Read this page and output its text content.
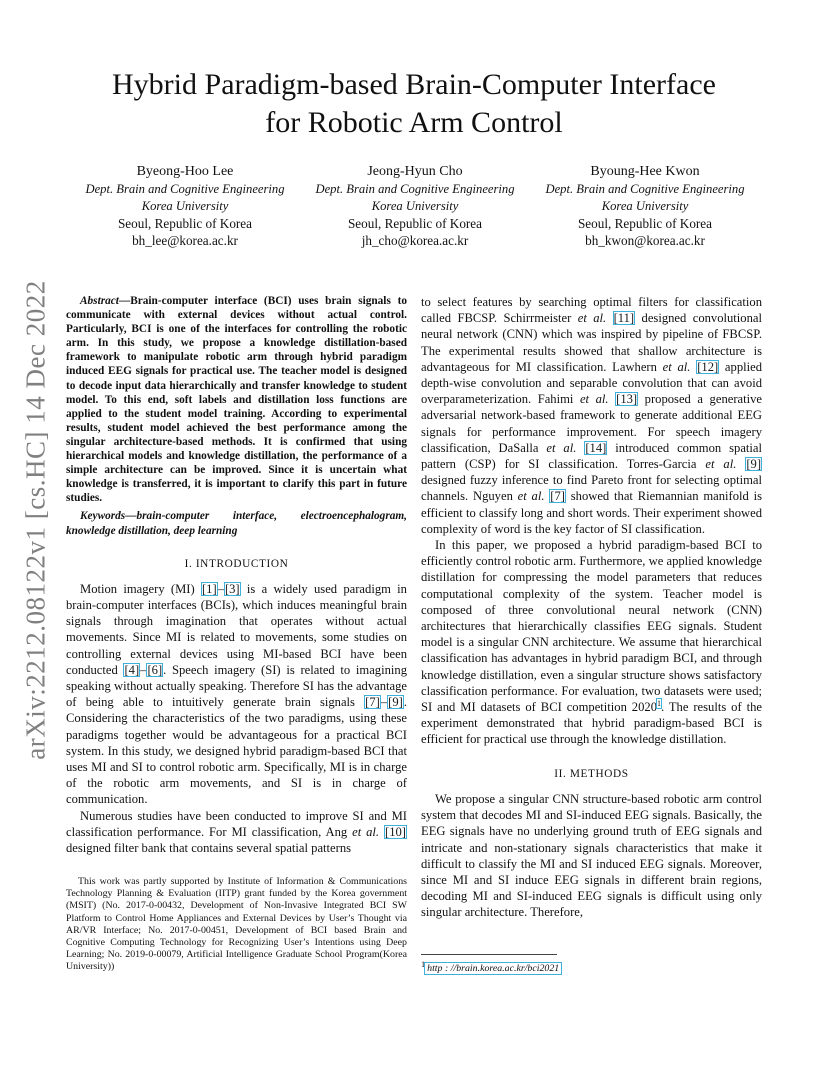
arXiv:2212.08122v1 [cs.HC] 14 Dec 2022
Hybrid Paradigm-based Brain-Computer Interface
for Robotic Arm Control
Byeong-Hoo Lee
Dept. Brain and Cognitive Engineering
Korea University
Seoul, Republic of Korea
bh_lee@korea.ac.kr
Jeong-Hyun Cho
Dept. Brain and Cognitive Engineering
Korea University
Seoul, Republic of Korea
jh_cho@korea.ac.kr
Byoung-Hee Kwon
Dept. Brain and Cognitive Engineering
Korea University
Seoul, Republic of Korea
bh_kwon@korea.ac.kr

Abstract—Brain-computer interface (BCI) uses brain signals to communicate with external devices without actual control. Particularly, BCI is one of the interfaces for controlling the robotic arm. In this study, we propose a knowledge distillation-based framework to manipulate robotic arm through hybrid paradigm induced EEG signals for practical use. The teacher model is designed to decode input data hierarchically and transfer knowledge to student model. To this end, soft labels and distillation loss functions are applied to the student model training. According to experimental results, student model achieved the best performance among the singular architecture-based methods. It is confirmed that using hierarchical models and knowledge distillation, the performance of a simple architecture can be improved. Since it is uncertain what knowledge is transferred, it is important to clarify this part in future studies.

Keywords—brain-computer interface, electroencephalogram, knowledge distillation, deep learning

I. INTRODUCTION

Motion imagery (MI) [1]–[3] is a widely used paradigm in brain-computer interfaces (BCIs), which induces meaningful brain signals through imagination that operates without actual movements. Since MI is related to movements, some studies on controlling external devices using MI-based BCI have been conducted [4]–[6]. Speech imagery (SI) is related to imagining speaking without actually speaking. Therefore SI has the advantage of being able to intuitively generate brain signals [7]–[9]. Considering the characteristics of the two paradigms, using these paradigms together would be advantageous for a practical BCI system. In this study, we designed hybrid paradigm-based BCI that uses MI and SI to control robotic arm. Specifically, MI is in charge of the robotic arm movements, and SI is in charge of communication.

Numerous studies have been conducted to improve SI and MI classification performance. For MI classification, Ang et al. [10] designed filter bank that contains several spatial patterns

This work was partly supported by Institute of Information & Communications Technology Planning & Evaluation (IITP) grant funded by the Korea government (MSIT) (No. 2017-0-00432, Development of Non-Invasive Integrated BCI SW Platform to Control Home Appliances and External Devices by User’s Thought via AR/VR Interface; No. 2017-0-00451, Development of BCI based Brain and Cognitive Computing Technology for Recognizing User’s Intentions using Deep Learning; No. 2019-0-00079, Artificial Intelligence Graduate School Program(Korea University))

to select features by searching optimal filters for classification called FBCSP. Schirrmeister et al. [11] designed convolutional neural network (CNN) which was inspired by pipeline of FBCSP. The experimental results showed that shallow architecture is advantageous for MI classification. Lawhern et al. [12] applied depth-wise convolution and separable convolution that can avoid overparameterization. Fahimi et al. [13] proposed a generative adversarial network-based framework to generate additional EEG signals for performance improvement. For speech imagery classification, DaSalla et al. [14] introduced common spatial pattern (CSP) for SI classification. Torres-Garcia et al. [9] designed fuzzy inference to find Pareto front for selecting optimal channels. Nguyen et al. [7] showed that Riemannian manifold is efficient to classify long and short words. Their experiment showed complexity of word is the key factor of SI classification.

In this paper, we proposed a hybrid paradigm-based BCI to efficiently control robotic arm. Furthermore, we applied knowledge distillation for compressing the model parameters that reduces computational complexity of the system. Teacher model is composed of three convolutional neural network (CNN) architectures that hierarchically classifies EEG signals. Student model is a singular CNN architecture. We assume that hierarchical classification has advantages in hybrid paradigm BCI, and through knowledge distillation, even a singular structure shows satisfactory classification performance. For evaluation, two datasets were used; SI and MI datasets of BCI competition 2020$^1$. The results of the experiment demonstrated that hybrid paradigm-based BCI is efficient for practical use through the knowledge distillation.

II. METHODS

We propose a singular CNN structure-based robotic arm control system that decodes MI and SI-induced EEG signals. Basically, the EEG signals have no underlying ground truth of EEG signals and intricate and non-stationary signals characteristics that make it difficult to classify the MI and SI induced EEG signals. Moreover, since MI and SI induce EEG signals in different brain regions, decoding MI and SI-induced EEG signals is difficult using only singular architecture. Therefore,

$^1$ http : //brain.korea.ac.kr/bci2021
